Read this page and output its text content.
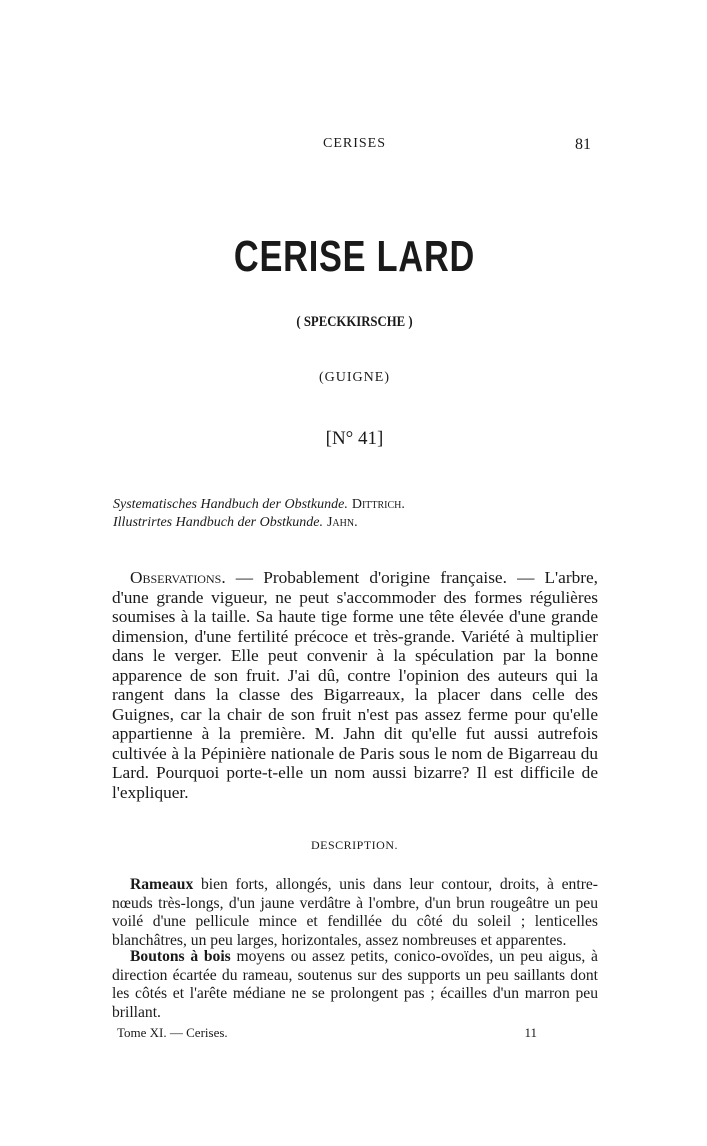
CERISES	81
CERISE LARD
( SPECKKIRSCHE )
(GUIGNE)
[N° 41]
Systematisches Handbuch der Obstkunde. Dittrich.
Illustrirtes Handbuch der Obstkunde. Jahn.
Observations. — Probablement d'origine française. — L'arbre, d'une grande vigueur, ne peut s'accommoder des formes régulières soumises à la taille. Sa haute tige forme une tête élevée d'une grande dimension, d'une fertilité précoce et très-grande. Variété à multiplier dans le verger. Elle peut convenir à la spéculation par la bonne apparence de son fruit. J'ai dû, contre l'opinion des auteurs qui la rangent dans la classe des Bigarreaux, la placer dans celle des Guignes, car la chair de son fruit n'est pas assez ferme pour qu'elle appartienne à la première. M. Jahn dit qu'elle fut aussi autrefois cultivée à la Pépinière nationale de Paris sous le nom de Bigarreau du Lard. Pourquoi porte-t-elle un nom aussi bizarre? Il est difficile de l'expliquer.
DESCRIPTION.
Rameaux bien forts, allongés, unis dans leur contour, droits, à entre-nœuds très-longs, d'un jaune verdâtre à l'ombre, d'un brun rougeâtre un peu voilé d'une pellicule mince et fendillée du côté du soleil ; lenticelles blanchâtres, un peu larges, horizontales, assez nombreuses et apparentes.
Boutons à bois moyens ou assez petits, conico-ovoïdes, un peu aigus, à direction écartée du rameau, soutenus sur des supports un peu saillants dont les côtés et l'arête médiane ne se prolongent pas ; écailles d'un marron peu brillant.
Tome XI. — Cerises.	11
